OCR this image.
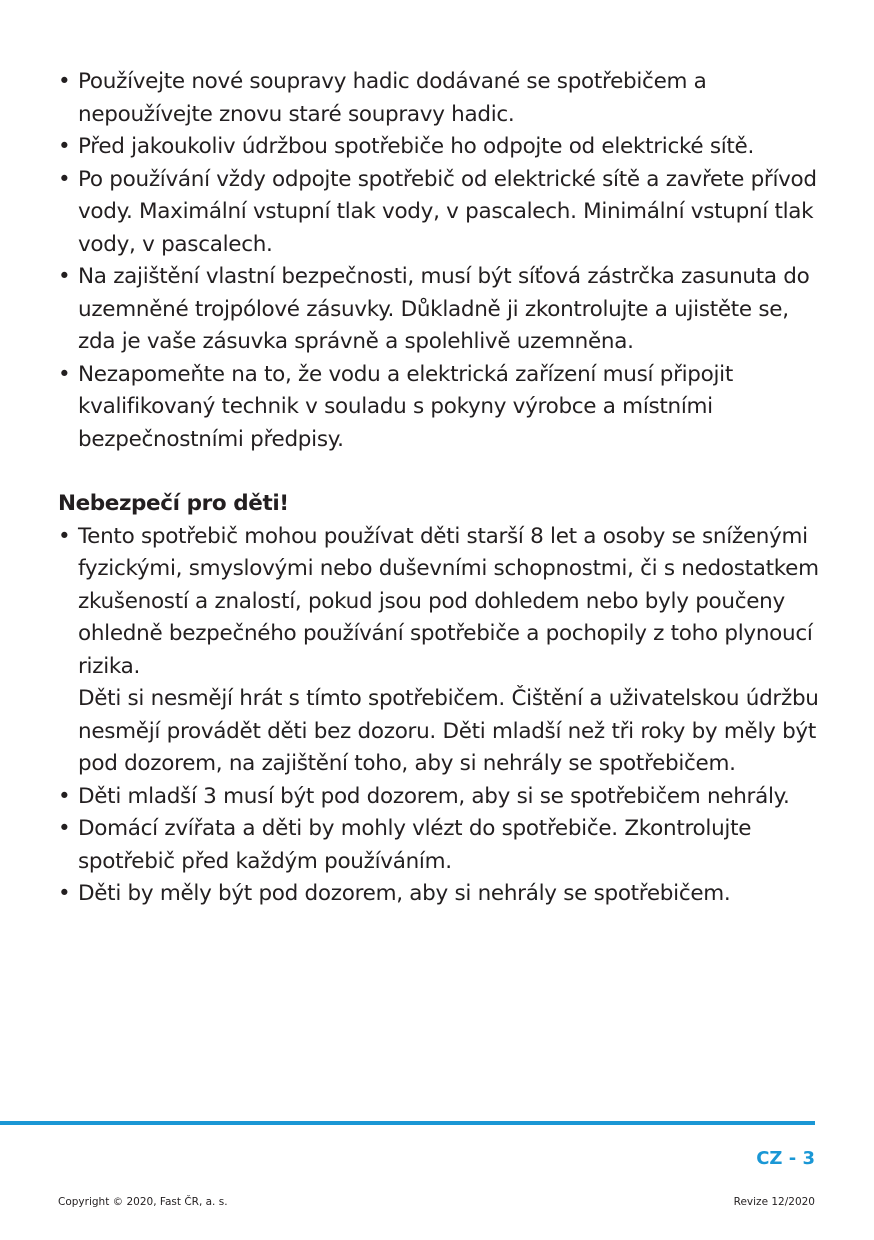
• Používejte nové soupravy hadic dodávané se spotřebičem a nepoužívejte znovu staré soupravy hadic.

• Před jakoukoliv údržbou spotřebiče ho odpojte od elektrické sítě.

• Po používání vždy odpojte spotřebič od elektrické sítě a zavřete přívod vody. Maximální vstupní tlak vody, v pascalech. Minimální vstupní tlak vody, v pascalech.

• Na zajištění vlastní bezpečnosti, musí být síťová zástrčka zasunuta do uzemněné trojpólové zásuvky. Důkladně ji zkontrolujte a ujistěte se, zda je vaše zásuvka správně a spolehlivě uzemněna.

• Nezapomeňte na to, že vodu a elektrická zařízení musí připojit kvalifikovaný technik v souladu s pokyny výrobce a místními bezpečnostními předpisy.

Nebezpečí pro děti!
• Tento spotřebič mohou používat děti starší 8 let a osoby se sníženými fyzickými, smyslovými nebo duševními schopnostmi, či s nedostatkem zkušeností a znalostí, pokud jsou pod dohledem nebo byly poučeny ohledně bezpečného používání spotřebiče a pochopily z toho plynoucí rizika.

Děti si nesmějí hrát s tímto spotřebičem. Čištění a uživatelskou údržbu nesmějí provádět děti bez dozoru. Děti mladší než tři roky by měly být pod dozorem, na zajištění toho, aby si nehrály se spotřebičem.

• Děti mladší 3 musí být pod dozorem, aby si se spotřebičem nehrály.

• Domácí zvířata a děti by mohly vlézt do spotřebiče. Zkontrolujte spotřebič před každým používáním.

• Děti by měly být pod dozorem, aby si nehrály se spotřebičem.

CZ - 3
Copyright © 2020, Fast ČR, a. s.	Revize 12/2020
